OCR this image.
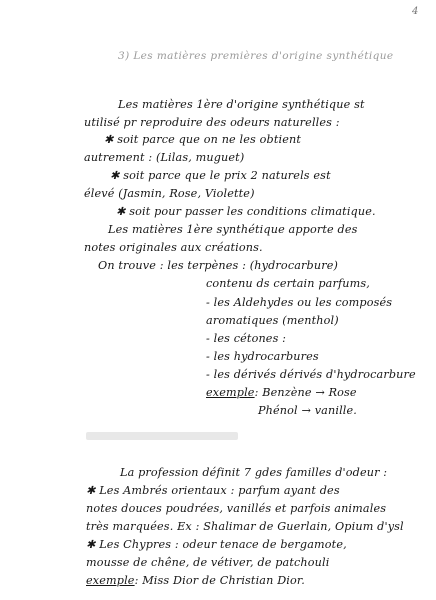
4
3) Les matières premières d'origine synthétique
Les matières 1ère d'origine synthétique st
utilisé pr reproduire des odeurs naturelles :
✱ soit parce que on ne les obtient
autrement : (Lilas, muguet)
✱ soit parce que le prix 2 naturels est
élevé (Jasmin, Rose, Violette)
✱ soit pour passer les conditions climatique.
Les matières 1ère synthétique apporte des
notes originales aux créations.
On trouve : les terpènes : (hydrocarbure)
contenu ds certain parfums,
- les Aldehydes ou les composés
aromatiques (menthol)
- les cétones :
- les hydrocarbures
- les dérivés dérivés d'hydrocarbure
exemple: Benzène → Rose
Phénol → vanille.
La profession définit 7 gdes familles d'odeur :
✱ Les Ambrés orientaux : parfum ayant des
notes douces poudrées, vanillés et parfois animales
très marquées. Ex : Shalimar de Guerlain, Opium d'ysl
✱ Les Chypres : odeur tenace de bergamote,
mousse de chêne, de vétiver, de patchouli
exemple: Miss Dior de Christian Dior.
